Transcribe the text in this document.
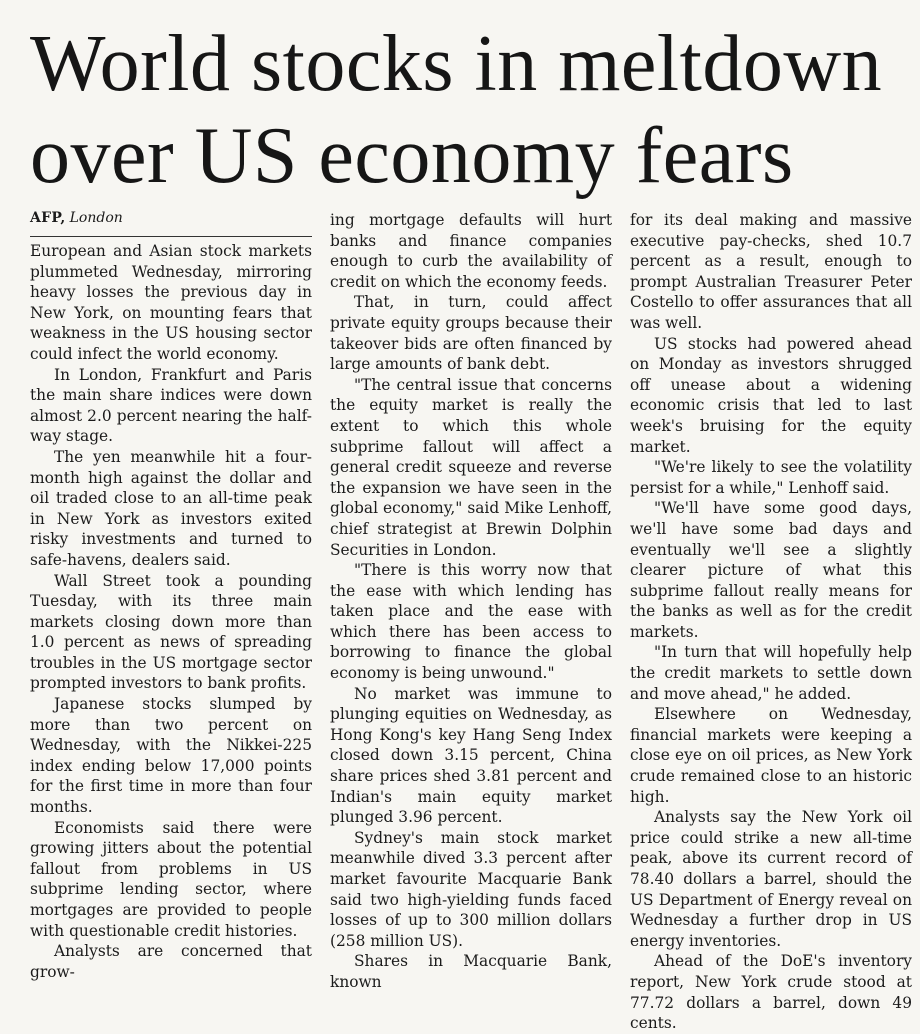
World stocks in meltdown
over US economy fears
AFP, London

European and Asian stock markets plummeted Wednesday, mirroring heavy losses the previous day in New York, on mounting fears that weakness in the US housing sector could infect the world economy.

In London, Frankfurt and Paris the main share indices were down almost 2.0 percent nearing the half-way stage.

The yen meanwhile hit a four-month high against the dollar and oil traded close to an all-time peak in New York as investors exited risky investments and turned to safe-havens, dealers said.

Wall Street took a pounding Tuesday, with its three main markets closing down more than 1.0 percent as news of spreading troubles in the US mortgage sector prompted investors to bank profits.

Japanese stocks slumped by more than two percent on Wednesday, with the Nikkei-225 index ending below 17,000 points for the first time in more than four months.

Economists said there were growing jitters about the potential fallout from problems in US subprime lending sector, where mortgages are provided to people with questionable credit histories.

Analysts are concerned that grow-

ing mortgage defaults will hurt banks and finance companies enough to curb the availability of credit on which the economy feeds.

That, in turn, could affect private equity groups because their takeover bids are often financed by large amounts of bank debt.

"The central issue that concerns the equity market is really the extent to which this whole subprime fallout will affect a general credit squeeze and reverse the expansion we have seen in the global economy," said Mike Lenhoff, chief strategist at Brewin Dolphin Securities in London.

"There is this worry now that the ease with which lending has taken place and the ease with which there has been access to borrowing to finance the global economy is being unwound."

No market was immune to plunging equities on Wednesday, as Hong Kong's key Hang Seng Index closed down 3.15 percent, China share prices shed 3.81 percent and Indian's main equity market plunged 3.96 percent.

Sydney's main stock market meanwhile dived 3.3 percent after market favourite Macquarie Bank said two high-yielding funds faced losses of up to 300 million dollars (258 million US).

Shares in Macquarie Bank, known

for its deal making and massive executive pay-checks, shed 10.7 percent as a result, enough to prompt Australian Treasurer Peter Costello to offer assurances that all was well.

US stocks had powered ahead on Monday as investors shrugged off unease about a widening economic crisis that led to last week's bruising for the equity market.

"We're likely to see the volatility persist for a while," Lenhoff said.

"We'll have some good days, we'll have some bad days and eventually we'll see a slightly clearer picture of what this subprime fallout really means for the banks as well as for the credit markets.

"In turn that will hopefully help the credit markets to settle down and move ahead," he added.

Elsewhere on Wednesday, financial markets were keeping a close eye on oil prices, as New York crude remained close to an historic high.

Analysts say the New York oil price could strike a new all-time peak, above its current record of 78.40 dollars a barrel, should the US Department of Energy reveal on Wednesday a further drop in US energy inventories.

Ahead of the DoE's inventory report, New York crude stood at 77.72 dollars a barrel, down 49 cents.
